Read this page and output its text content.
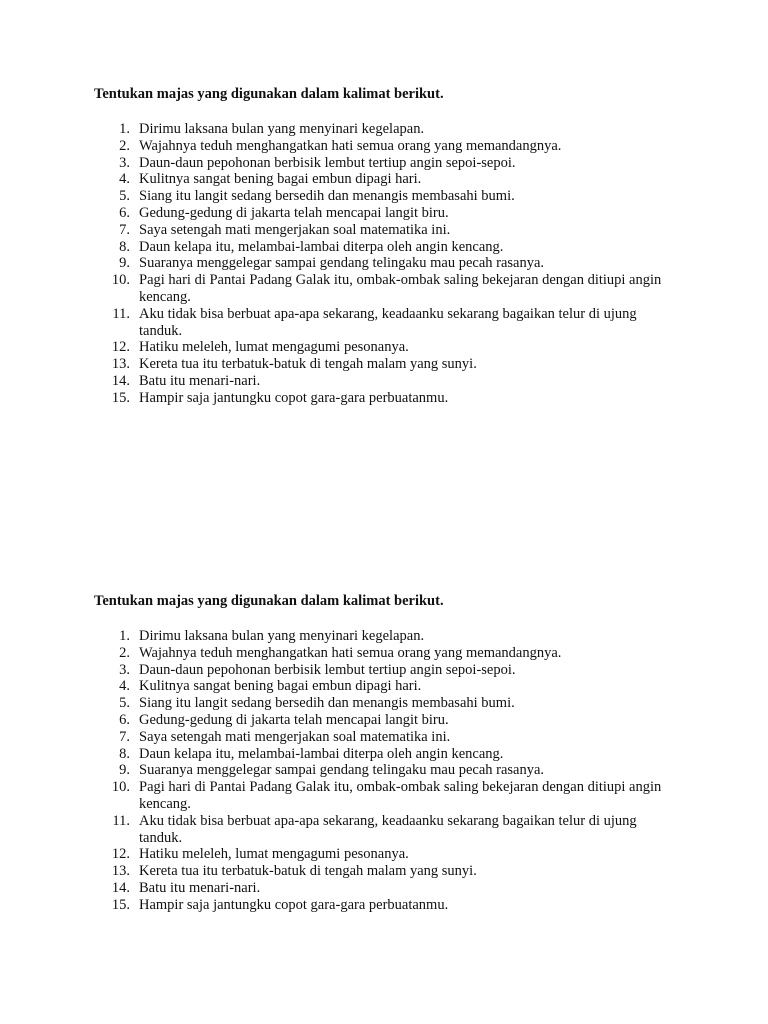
Tentukan majas yang digunakan dalam kalimat berikut.
1. Dirimu laksana bulan yang menyinari kegelapan.
2. Wajahnya teduh menghangatkan hati semua orang yang memandangnya.
3. Daun-daun pepohonan berbisik lembut tertiup angin sepoi-sepoi.
4. Kulitnya sangat bening bagai embun dipagi hari.
5. Siang itu langit sedang bersedih dan menangis membasahi bumi.
6. Gedung-gedung di jakarta telah mencapai langit biru.
7. Saya setengah mati mengerjakan soal matematika ini.
8. Daun kelapa itu, melambai-lambai diterpa oleh angin kencang.
9. Suaranya menggelegar sampai gendang telingaku mau pecah rasanya.
10. Pagi hari di Pantai Padang Galak itu, ombak-ombak saling bekejaran dengan ditiupi angin kencang.
11. Aku tidak bisa berbuat apa-apa sekarang, keadaanku sekarang bagaikan telur di ujung tanduk.
12. Hatiku meleleh, lumat mengagumi pesonanya.
13. Kereta tua itu terbatuk-batuk di tengah malam yang sunyi.
14. Batu itu menari-nari.
15. Hampir saja jantungku copot gara-gara perbuatanmu.
Tentukan majas yang digunakan dalam kalimat berikut.
1. Dirimu laksana bulan yang menyinari kegelapan.
2. Wajahnya teduh menghangatkan hati semua orang yang memandangnya.
3. Daun-daun pepohonan berbisik lembut tertiup angin sepoi-sepoi.
4. Kulitnya sangat bening bagai embun dipagi hari.
5. Siang itu langit sedang bersedih dan menangis membasahi bumi.
6. Gedung-gedung di jakarta telah mencapai langit biru.
7. Saya setengah mati mengerjakan soal matematika ini.
8. Daun kelapa itu, melambai-lambai diterpa oleh angin kencang.
9. Suaranya menggelegar sampai gendang telingaku mau pecah rasanya.
10. Pagi hari di Pantai Padang Galak itu, ombak-ombak saling bekejaran dengan ditiupi angin kencang.
11. Aku tidak bisa berbuat apa-apa sekarang, keadaanku sekarang bagaikan telur di ujung tanduk.
12. Hatiku meleleh, lumat mengagumi pesonanya.
13. Kereta tua itu terbatuk-batuk di tengah malam yang sunyi.
14. Batu itu menari-nari.
15. Hampir saja jantungku copot gara-gara perbuatanmu.
